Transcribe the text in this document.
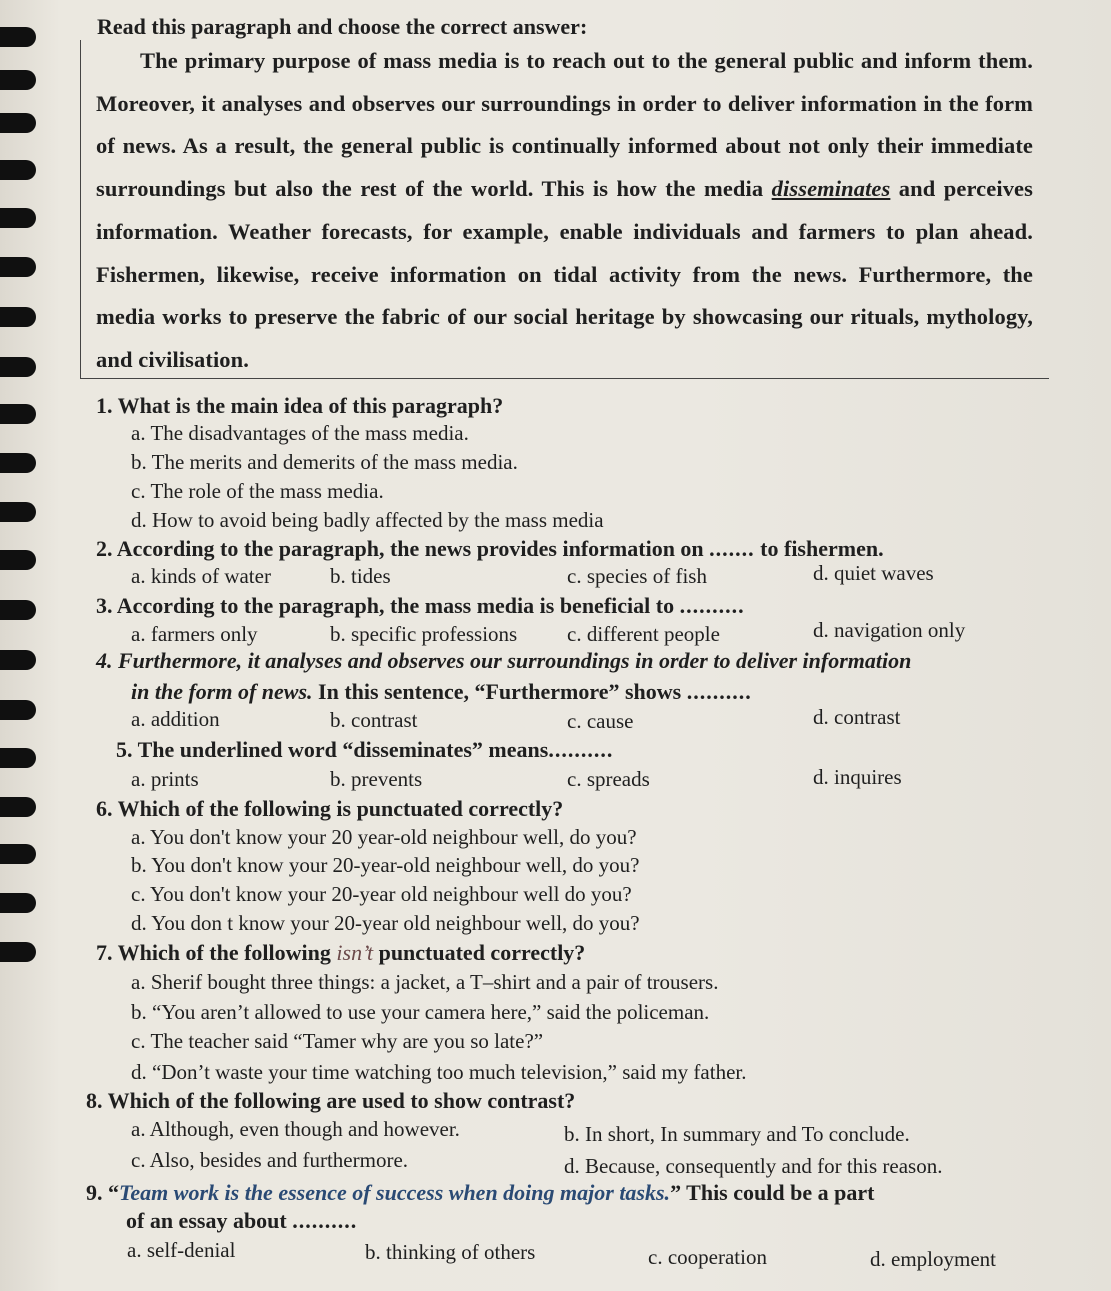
Read this paragraph and choose the correct answer:
The primary purpose of mass media is to reach out to the general public and inform them. Moreover, it analyses and observes our surroundings in order to deliver information in the form of news. As a result, the general public is continually informed about not only their immediate surroundings but also the rest of the world. This is how the media disseminates and perceives information. Weather forecasts, for example, enable individuals and farmers to plan ahead. Fishermen, likewise, receive information on tidal activity from the news. Furthermore, the media works to preserve the fabric of our social heritage by showcasing our rituals, mythology, and civilisation.
1. What is the main idea of this paragraph?
a. The disadvantages of the mass media.
b. The merits and demerits of the mass media.
c. The role of the mass media.
d. How to avoid being badly affected by the mass media
2. According to the paragraph, the news provides information on ....... to fishermen.
a. kinds of water	b. tides	c. species of fish	d. quiet waves
3. According to the paragraph, the mass media is beneficial to ..........
a. farmers only	b. specific professions c. different people	d. navigation only
4. Furthermore, it analyses and observes our surroundings in order to deliver information
in the form of news. In this sentence, “Furthermore” shows ..........
a. addition	b. contrast	c. cause	d. contrast
5. The underlined word “disseminates” means..........
a. prints	b. prevents	c. spreads	d. inquires
6. Which of the following is punctuated correctly?
a. You don't know your 20 year-old neighbour well, do you?
b. You don't know your 20-year-old neighbour well, do you?
c. You don't know your 20-year old neighbour well do you?
d. You don t know your 20-year old neighbour well, do you?
7. Which of the following isn’t punctuated correctly?
a. Sherif bought three things: a jacket, a T–shirt and a pair of trousers.
b. “You aren’t allowed to use your camera here,” said the policeman.
c. The teacher said “Tamer why are you so late?”
d. “Don’t waste your time watching too much television,” said my father.
8. Which of the following are used to show contrast?
a. Although, even though and however.	b. In short, In summary and To conclude.
c. Also, besides and furthermore.	d. Because, consequently and for this reason.
9. “Team work is the essence of success when doing major tasks.” This could be a part
of an essay about ..........
a. self-denial	b. thinking of others	c. cooperation	d. employment
